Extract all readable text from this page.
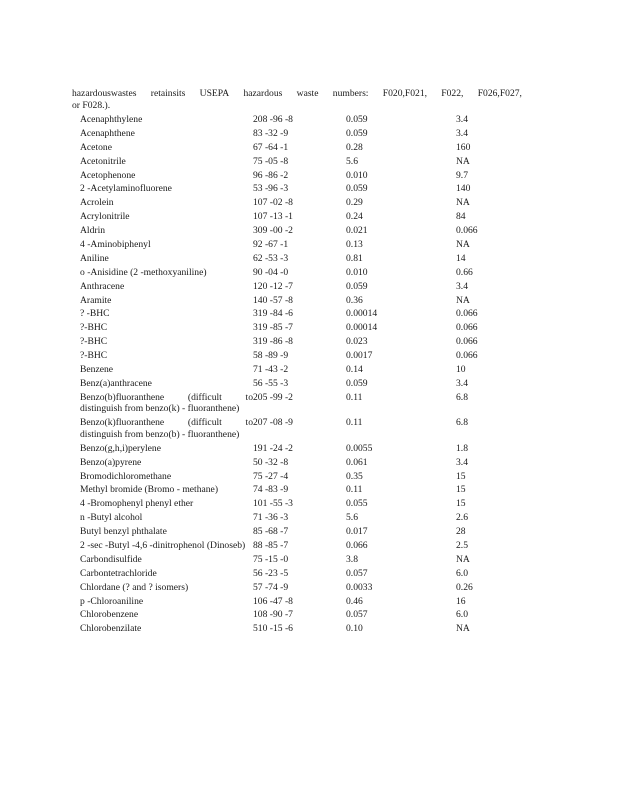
hazardouswastes retainsits USEPA hazardous waste numbers: F020,F021, F022, F026,F027,
or F028.).
Acenaphthylene	208 -96 -8	0.059	3.4
Acenaphthene	83 -32 -9	0.059	3.4
Acetone	67 -64 -1	0.28	160
Acetonitrile	75 -05 -8	5.6	NA
Acetophenone	96 -86 -2	0.010	9.7
2 -Acetylaminofluorene	53 -96 -3	0.059	140
Acrolein	107 -02 -8	0.29	NA
Acrylonitrile	107 -13 -1	0.24	84
Aldrin	309 -00 -2	0.021	0.066
4 -Aminobiphenyl	92 -67 -1	0.13	NA
Aniline	62 -53 -3	0.81	14
o -Anisidine (2 -methoxyaniline)	90 -04 -0	0.010	0.66
Anthracene	120 -12 -7	0.059	3.4
Aramite	140 -57 -8	0.36	NA
? -BHC	319 -84 -6	0.00014	0.066
?-BHC	319 -85 -7	0.00014	0.066
?-BHC	319 -86 -8	0.023	0.066
?-BHC	58 -89 -9	0.0017	0.066
Benzene	71 -43 -2	0.14	10
Benz(a)anthracene	56 -55 -3	0.059	3.4
Benzo(b)fluoranthene (difficult to distinguish from benzo(k) - fluoranthene)	205 -99 -2	0.11	6.8
Benzo(k)fluoranthene (difficult to distinguish from benzo(b) - fluoranthene)	207 -08 -9	0.11	6.8
Benzo(g,h,i)perylene	191 -24 -2	0.0055	1.8
Benzo(a)pyrene	50 -32 -8	0.061	3.4
Bromodichloromethane	75 -27 -4	0.35	15
Methyl bromide (Bromo - methane)	74 -83 -9	0.11	15
4 -Bromophenyl phenyl ether	101 -55 -3	0.055	15
n -Butyl alcohol	71 -36 -3	5.6	2.6
Butyl benzyl phthalate	85 -68 -7	0.017	28
2 -sec -Butyl -4,6 -dinitrophenol (Dinoseb)	88 -85 -7	0.066	2.5
Carbondisulfide	75 -15 -0	3.8	NA
Carbontetrachloride	56 -23 -5	0.057	6.0
Chlordane (? and ? isomers)	57 -74 -9	0.0033	0.26
p -Chloroaniline	106 -47 -8	0.46	16
Chlorobenzene	108 -90 -7	0.057	6.0
Chlorobenzilate	510 -15 -6	0.10	NA
